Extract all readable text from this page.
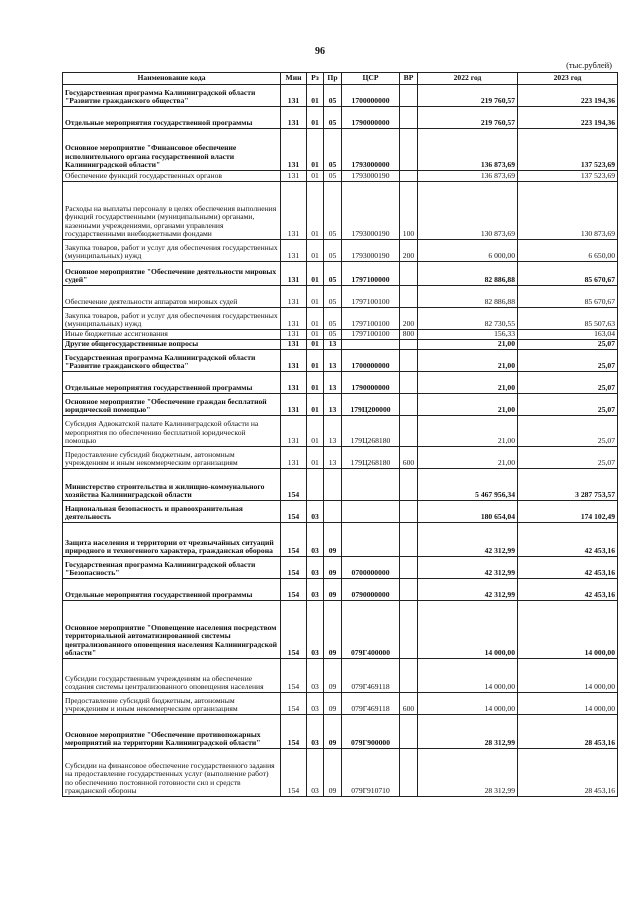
96
(тыс.рублей)
Наименование кода	Мин	Рз	Пр	ЦСР	ВР	2022 год	2023 год
Государственная программа Калининградской области "Развитие гражданского общества"	131	01	05	1700000000		219 760,57	223 194,36
Отдельные мероприятия государственной программы	131	01	05	1790000000		219 760,57	223 194,36
Основное мероприятие "Финансовое обеспечение исполнительного органа государственной власти Калининградской области"	131	01	05	1793000000		136 873,69	137 523,69
Обеспечение функций государственных органов	131	01	05	1793000190		136 873,69	137 523,69
Расходы на выплаты персоналу в целях обеспечения выполнения функций государственными (муниципальными) органами, казенными учреждениями, органами управления государственными внебюджетными фондами	131	01	05	1793000190	100	130 873,69	130 873,69
Закупка товаров, работ и услуг для обеспечения государственных (муниципальных) нужд	131	01	05	1793000190	200	6 000,00	6 650,00
Основное мероприятие "Обеспечение деятельности мировых судей"	131	01	05	1797100000		82 886,88	85 670,67
Обеспечение деятельности аппаратов мировых судей	131	01	05	1797100100		82 886,88	85 670,67
Закупка товаров, работ и услуг для обеспечения государственных (муниципальных) нужд	131	01	05	1797100100	200	82 730,55	85 507,63
Иные бюджетные ассигнования	131	01	05	1797100100	800	156,33	163,04
Другие общегосударственные вопросы	131	01	13			21,00	25,07
Государственная программа Калининградской области "Развитие гражданского общества"	131	01	13	1700000000		21,00	25,07
Отдельные мероприятия государственной программы	131	01	13	1790000000		21,00	25,07
Основное мероприятие "Обеспечение граждан бесплатной юридической помощью"	131	01	13	179Ц200000		21,00	25,07
Субсидия Адвокатской палате Калининградской области на мероприятия по обеспечению бесплатной юридической помощью	131	01	13	179Ц268180		21,00	25,07
Предоставление субсидий бюджетным, автономным учреждениям и иным некоммерческим организациям	131	01	13	179Ц268180	600	21,00	25,07
Министерство строительства и жилищно-коммунального хозяйства Калининградской области	154					5 467 956,34	3 287 753,57
Национальная безопасность и правоохранительная деятельность	154	03				180 654,04	174 102,49
Защита населения и территории от чрезвычайных ситуаций природного и техногенного характера, гражданская оборона	154	03	09			42 312,99	42 453,16
Государственная программа Калининградской области "Безопасность"	154	03	09	0700000000		42 312,99	42 453,16
Отдельные мероприятия государственной программы	154	03	09	0790000000		42 312,99	42 453,16
Основное мероприятие "Оповещение населения посредством территориальной автоматизированной системы централизованного оповещения населения Калининградской области"	154	03	09	079Г400000		14 000,00	14 000,00
Субсидии государственным учреждениям на обеспечение создания системы централизованного оповещения населения	154	03	09	079Г469118		14 000,00	14 000,00
Предоставление субсидий бюджетным, автономным учреждениям и иным некоммерческим организациям	154	03	09	079Г469118	600	14 000,00	14 000,00
Основное мероприятие "Обеспечение противопожарных мероприятий на территории Калининградской области"	154	03	09	079Г900000		28 312,99	28 453,16
Субсидии на финансовое обеспечение государственного задания на предоставление государственных услуг (выполнение работ) по обеспечению постоянной готовности сил и средств гражданской обороны	154	03	09	079Г910710		28 312,99	28 453,16
